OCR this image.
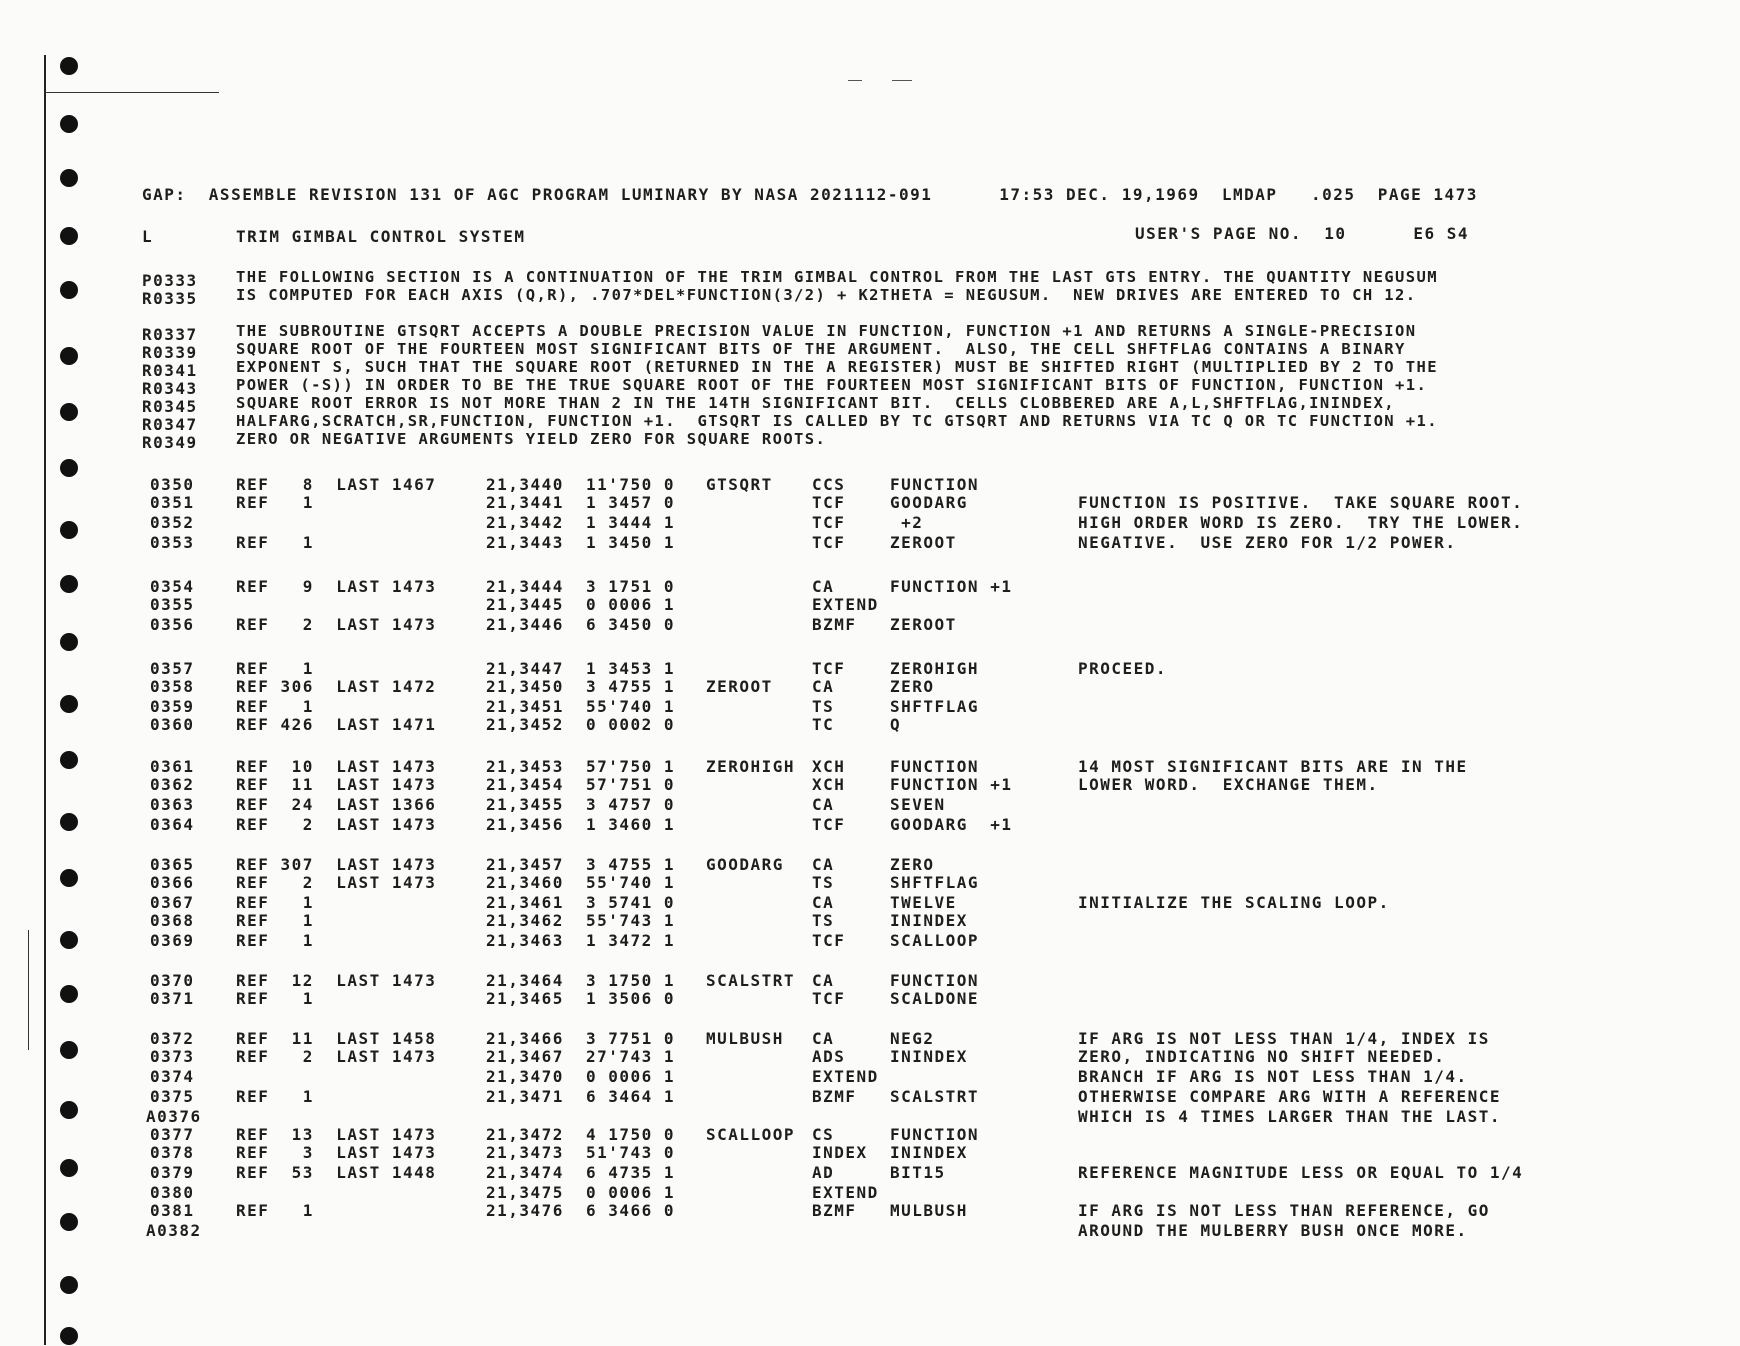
GAP:  ASSEMBLE REVISION 131 OF AGC PROGRAM LUMINARY BY NASA 2021112-091      17:53 DEC. 19,1969  LMDAP   .025  PAGE 1473
L	TRIM GIMBAL CONTROL SYSTEM	USER'S PAGE NO.  10      E6 S4
THE FOLLOWING SECTION IS A CONTINUATION OF THE TRIM GIMBAL CONTROL FROM THE LAST GTS ENTRY. THE QUANTITY NEGUSUM
IS COMPUTED FOR EACH AXIS (Q,R), .707*DEL*FUNCTION(3/2) + K2THETA = NEGUSUM.  NEW DRIVES ARE ENTERED TO CH 12.
P0333
R0335
THE SUBROUTINE GTSQRT ACCEPTS A DOUBLE PRECISION VALUE IN FUNCTION, FUNCTION +1 AND RETURNS A SINGLE-PRECISION
SQUARE ROOT OF THE FOURTEEN MOST SIGNIFICANT BITS OF THE ARGUMENT.  ALSO, THE CELL SHFTFLAG CONTAINS A BINARY
EXPONENT S, SUCH THAT THE SQUARE ROOT (RETURNED IN THE A REGISTER) MUST BE SHIFTED RIGHT (MULTIPLIED BY 2 TO THE
POWER (-S)) IN ORDER TO BE THE TRUE SQUARE ROOT OF THE FOURTEEN MOST SIGNIFICANT BITS OF FUNCTION, FUNCTION +1.
SQUARE ROOT ERROR IS NOT MORE THAN 2 IN THE 14TH SIGNIFICANT BIT.  CELLS CLOBBERED ARE A,L,SHFTFLAG,ININDEX,
HALFARG,SCRATCH,SR,FUNCTION, FUNCTION +1.  GTSQRT IS CALLED BY TC GTSQRT AND RETURNS VIA TC Q OR TC FUNCTION +1.
ZERO OR NEGATIVE ARGUMENTS YIELD ZERO FOR SQUARE ROOTS.
R0337
R0339
R0341
R0343
R0345
R0347
R0349
0350	REF   8  LAST 1467	21,3440 11'750 0 GTSQRT CCS	FUNCTION
0351	REF   1	21,3441 1 3457 0	TCF	GOODARG	FUNCTION IS POSITIVE.  TAKE SQUARE ROOT.
0352	21,3442 1 3444 1	TCF	+2	HIGH ORDER WORD IS ZERO.  TRY THE LOWER.
0353	REF   1	21,3443 1 3450 1	TCF	ZEROOT	NEGATIVE.  USE ZERO FOR 1/2 POWER.
0354	REF   9  LAST 1473	21,3444 3 1751 0	CA	FUNCTION +1
0355	21,3445 0 0006 1	EXTEND
0356	REF   2  LAST 1473	21,3446 6 3450 0	BZMF ZEROOT
0357	REF   1	21,3447 1 3453 1	TCF	ZEROHIGH	PROCEED.
0358	REF 306  LAST 1472	21,3450 3 4755 1 ZEROOT CA	ZERO
0359	REF   1	21,3451 55'740 1	TS	SHFTFLAG
0360	REF 426  LAST 1471	21,3452 0 0002 0	TC	Q
0361	REF  10  LAST 1473	21,3453 57'750 1 ZEROHIGH XCH	FUNCTION	14 MOST SIGNIFICANT BITS ARE IN THE
0362	REF  11  LAST 1473	21,3454 57'751 0	XCH	FUNCTION +1	LOWER WORD.  EXCHANGE THEM.
0363	REF  24  LAST 1366	21,3455 3 4757 0	CA	SEVEN
0364	REF   2  LAST 1473	21,3456 1 3460 1	TCF	GOODARG  +1
0365	REF 307  LAST 1473	21,3457 3 4755 1 GOODARG CA	ZERO
0366	REF   2  LAST 1473	21,3460 55'740 1	TS	SHFTFLAG
0367	REF   1	21,3461 3 5741 0	CA	TWELVE	INITIALIZE THE SCALING LOOP.
0368	REF   1	21,3462 55'743 1	TS	ININDEX
0369	REF   1	21,3463 1 3472 1	TCF	SCALLOOP
0370	REF  12  LAST 1473	21,3464 3 1750 1 SCALSTRT CA	FUNCTION
0371	REF   1	21,3465 1 3506 0	TCF	SCALDONE
0372	REF  11  LAST 1458	21,3466 3 7751 0 MULBUSH CA	NEG2	IF ARG IS NOT LESS THAN 1/4, INDEX IS
0373	REF   2  LAST 1473	21,3467 27'743 1	ADS	ININDEX	ZERO, INDICATING NO SHIFT NEEDED.
0374	21,3470 0 0006 1	EXTEND	BRANCH IF ARG IS NOT LESS THAN 1/4.
0375	REF   1	21,3471 6 3464 1	BZMF SCALSTRT	OTHERWISE COMPARE ARG WITH A REFERENCE
A0376	WHICH IS 4 TIMES LARGER THAN THE LAST.
0377	REF  13  LAST 1473	21,3472 4 1750 0 SCALLOOP CS	FUNCTION
0378	REF   3  LAST 1473	21,3473 51'743 0	INDEX ININDEX
0379	REF  53  LAST 1448	21,3474 6 4735 1	AD	BIT15	REFERENCE MAGNITUDE LESS OR EQUAL TO 1/4
0380	21,3475 0 0006 1	EXTEND
0381	REF   1	21,3476 6 3466 0	BZMF MULBUSH	IF ARG IS NOT LESS THAN REFERENCE, GO
A0382	AROUND THE MULBERRY BUSH ONCE MORE.
